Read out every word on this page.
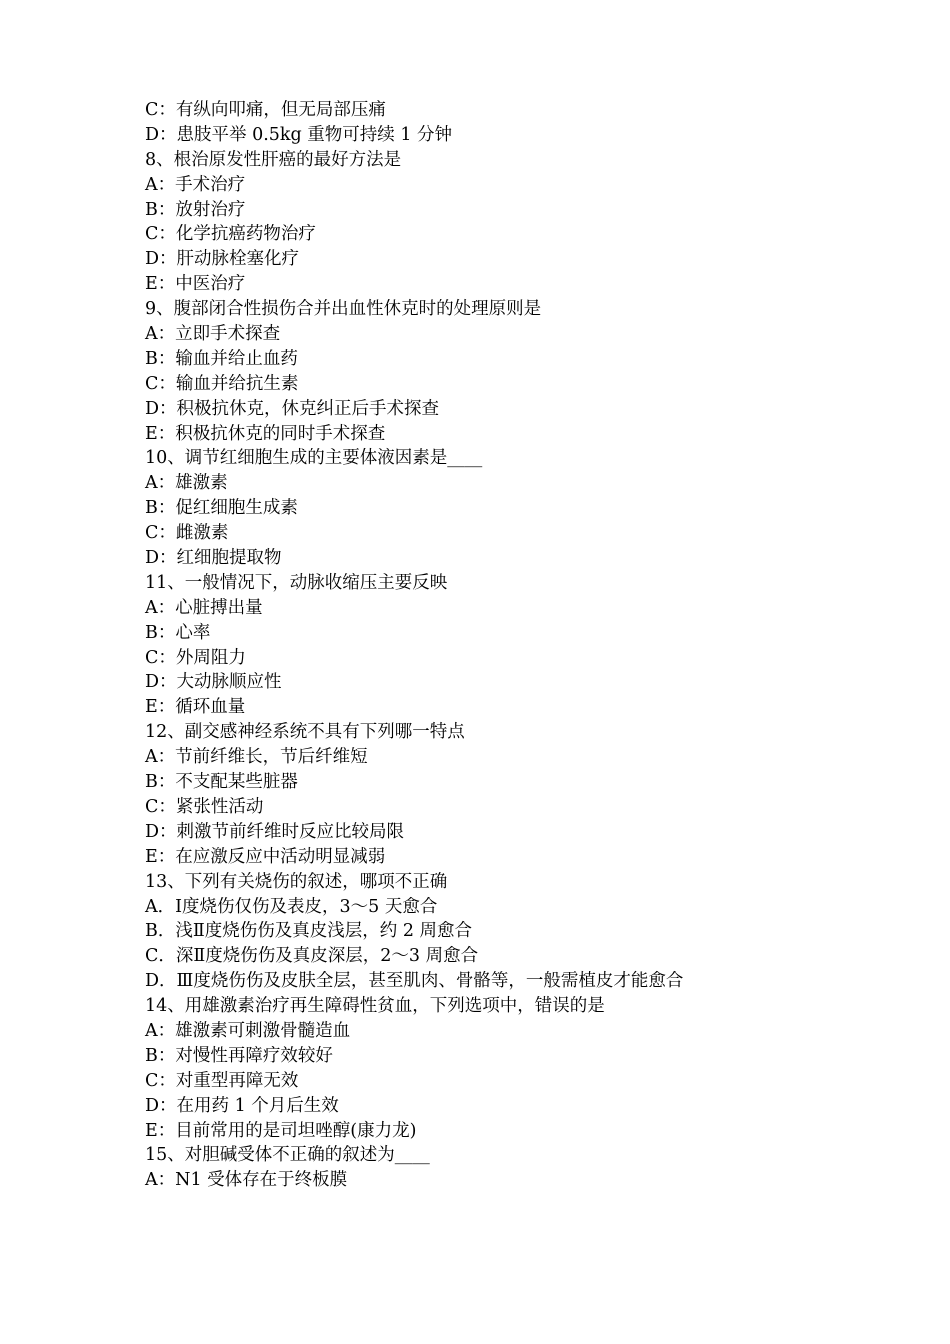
C：有纵向叩痛，但无局部压痛

D：患肢平举 0.5kg 重物可持续 1 分钟

8、根治原发性肝癌的最好方法是

A：手术治疗

B：放射治疗

C：化学抗癌药物治疗

D：肝动脉栓塞化疗

E：中医治疗

9、腹部闭合性损伤合并出血性休克时的处理原则是

A：立即手术探查

B：输血并给止血药

C：输血并给抗生素

D：积极抗休克，休克纠正后手术探查

E：积极抗休克的同时手术探查

10、调节红细胞生成的主要体液因素是____

A：雄激素

B：促红细胞生成素

C：雌激素

D：红细胞提取物

11、一般情况下，动脉收缩压主要反映

A：心脏搏出量

B：心率

C：外周阻力

D：大动脉顺应性

E：循环血量

12、副交感神经系统不具有下列哪一特点

A：节前纤维长，节后纤维短

B：不支配某些脏器

C：紧张性活动

D：刺激节前纤维时反应比较局限

E：在应激反应中活动明显减弱

13、下列有关烧伤的叙述，哪项不正确

A．Ⅰ度烧伤仅伤及表皮，3～5 天愈合

B．浅Ⅱ度烧伤伤及真皮浅层，约 2 周愈合

C．深Ⅱ度烧伤伤及真皮深层，2～3 周愈合

D．Ⅲ度烧伤伤及皮肤全层，甚至肌肉、骨骼等，一般需植皮才能愈合

14、用雄激素治疗再生障碍性贫血，下列选项中，错误的是

A：雄激素可刺激骨髓造血

B：对慢性再障疗效较好

C：对重型再障无效

D：在用药 1 个月后生效

E：目前常用的是司坦唑醇(康力龙)

15、对胆碱受体不正确的叙述为____

A：N1 受体存在于终板膜
